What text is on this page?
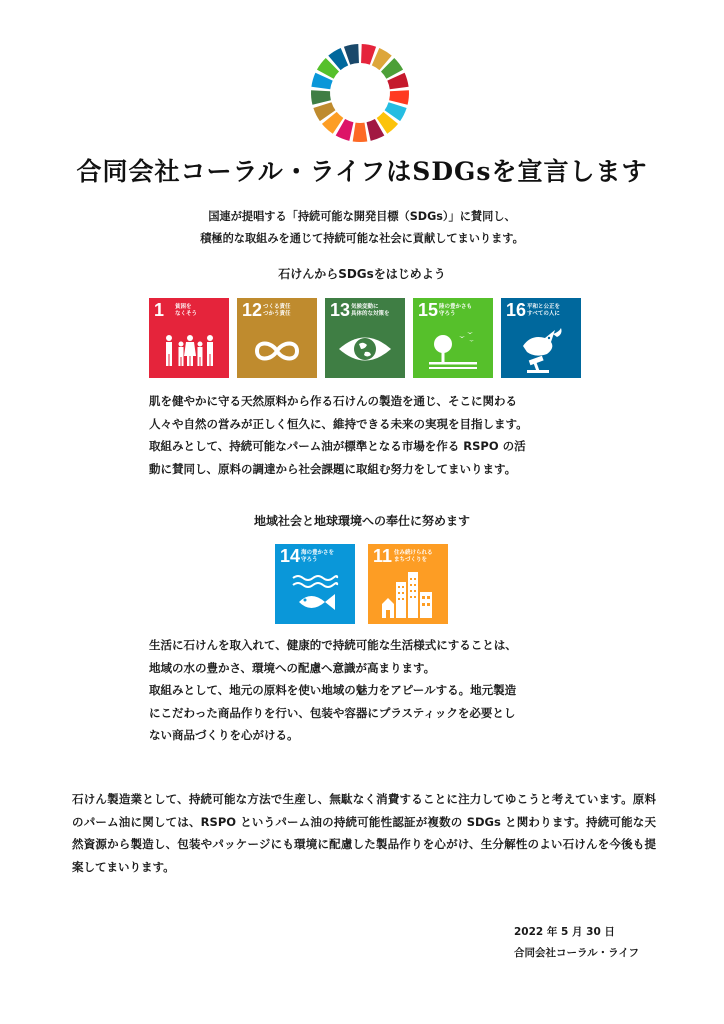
合同会社コーラル・ライフはSDGsを宣言します
国連が提唱する「持続可能な開発目標（SDGs）」に賛同し、
積極的な取組みを通じて持続可能な社会に貢献してまいります。
石けんからSDGsをはじめよう
1 貧困を
なくそう	12 つくる責任
つかう責任	13 気候変動に
具体的な対策を	15 陸の豊かさも
守ろう	16 平和と公正を
すべての人に
肌を健やかに守る天然原料から作る石けんの製造を通じ、そこに関わる
人々や自然の営みが正しく恒久に、維持できる未来の実現を目指します。
取組みとして、持続可能なパーム油が標準となる市場を作る RSPO の活
動に賛同し、原料の調達から社会課題に取組む努力をしてまいります。
地域社会と地球環境への奉仕に努めます
14 海の豊かさを
守ろう	11 住み続けられる
まちづくりを
生活に石けんを取入れて、健康的で持続可能な生活様式にすることは、
地域の水の豊かさ、環境への配慮へ意識が高まります。
取組みとして、地元の原料を使い地域の魅力をアピールする。地元製造
にこだわった商品作りを行い、包装や容器にプラスティックを必要とし
ない商品づくりを心がける。
石けん製造業として、持続可能な方法で生産し、無駄なく消費することに注力してゆこうと考えています。原料のパーム油に関しては、RSPO というパーム油の持続可能性認証が複数の SDGs と関わります。持続可能な天然資源から製造し、包装やパッケージにも環境に配慮した製品作りを心がけ、生分解性のよい石けんを今後も提案してまいります。
2022 年 5 月 30 日
合同会社コーラル・ライフ
